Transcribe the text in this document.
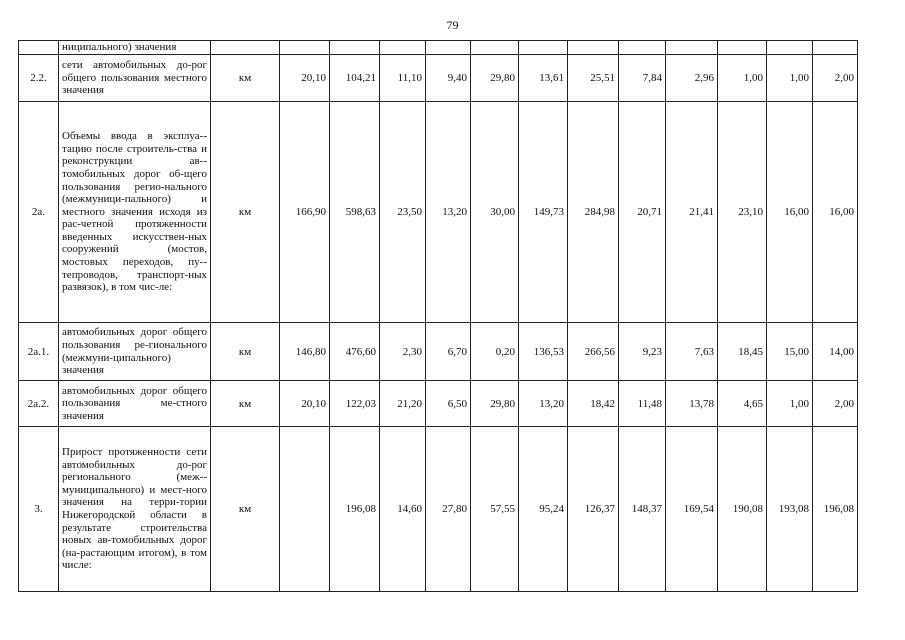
79
	ниципального) значения													
2.2.	сети автомобильных до-рог общего пользования местного значения	км	20,10	104,21	11,10	9,40	29,80	13,61	25,51	7,84	2,96	1,00	1,00	2,00
2а.	Объемы ввода в эксплуа-тацию после строитель-ства и реконструкции ав-томобильных дорог об-щего пользования регио-нального (межмуници-пального) и местного значения исходя из рас-четной протяженности введенных искусствен-ных сооружений (мостов, мостовых переходов, пу-тепроводов, транспорт-ных развязок), в том чис-ле:	км	166,90	598,63	23,50	13,20	30,00	149,73	284,98	20,71	21,41	23,10	16,00	16,00
2а.1.	автомобильных дорог общего пользования ре-гионального (межмуни-ципального) значения	км	146,80	476,60	2,30	6,70	0,20	136,53	266,56	9,23	7,63	18,45	15,00	14,00
2а.2.	автомобильных дорог общего пользования ме-стного значения	км	20,10	122,03	21,20	6,50	29,80	13,20	18,42	11,48	13,78	4,65	1,00	2,00
3.	Прирост протяженности сети автомобильных до-рог регионального (меж-муниципального) и мест-ного значения на терри-тории Нижегородской области в результате строительства новых ав-томобильных дорог (на-растающим итогом), в том числе:	км		196,08	14,60	27,80	57,55	95,24	126,37	148,37	169,54	190,08	193,08	196,08
